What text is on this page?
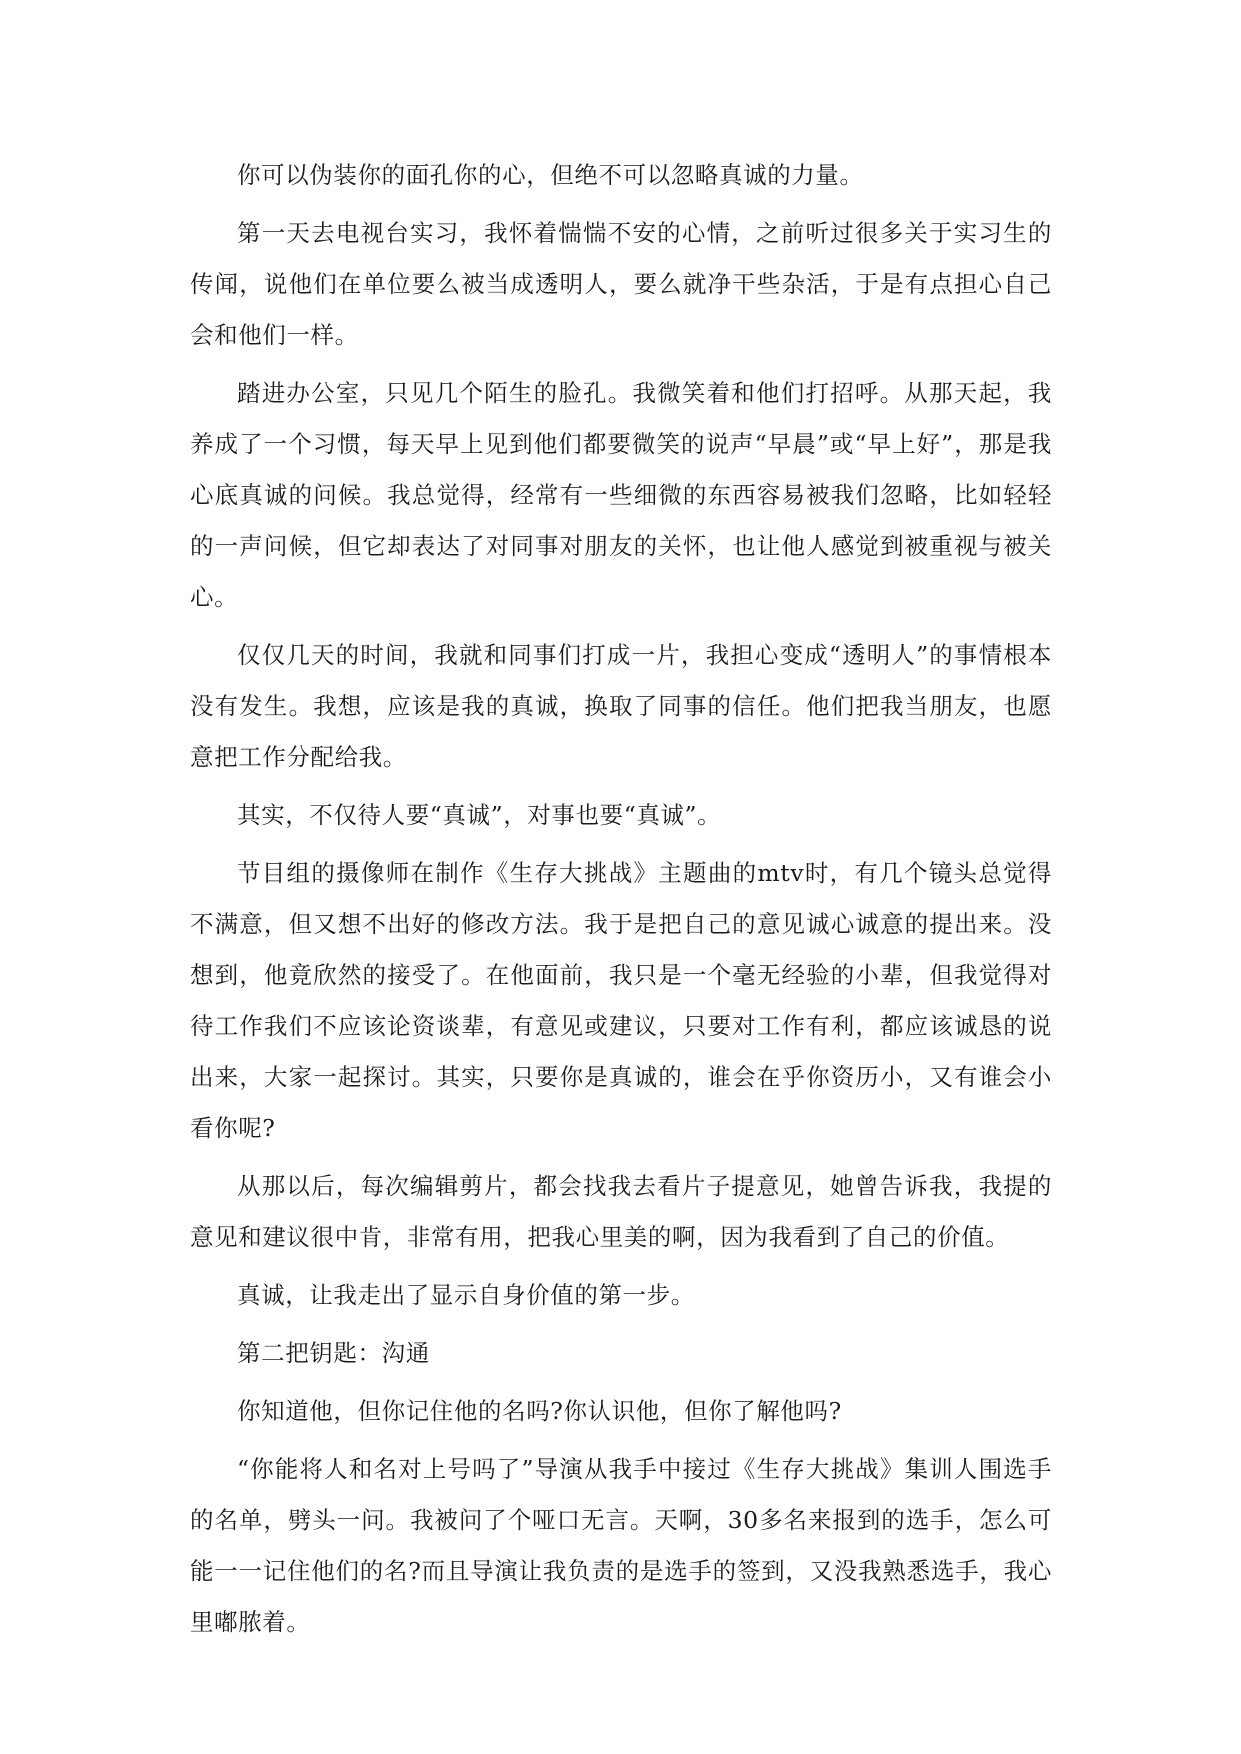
你可以伪装你的面孔你的心，但绝不可以忽略真诚的力量。

第一天去电视台实习，我怀着惴惴不安的心情，之前听过很多关于实习生的传闻，说他们在单位要么被当成透明人，要么就净干些杂活，于是有点担心自己会和他们一样。

踏进办公室，只见几个陌生的脸孔。我微笑着和他们打招呼。从那天起，我养成了一个习惯，每天早上见到他们都要微笑的说声“早晨”或“早上好”，那是我心底真诚的问候。我总觉得，经常有一些细微的东西容易被我们忽略，比如轻轻的一声问候，但它却表达了对同事对朋友的关怀，也让他人感觉到被重视与被关心。

仅仅几天的时间，我就和同事们打成一片，我担心变成“透明人”的事情根本没有发生。我想，应该是我的真诚，换取了同事的信任。他们把我当朋友，也愿意把工作分配给我。

其实，不仅待人要“真诚”，对事也要“真诚”。

节目组的摄像师在制作《生存大挑战》主题曲的mtv时，有几个镜头总觉得不满意，但又想不出好的修改方法。我于是把自己的意见诚心诚意的提出来。没想到，他竟欣然的接受了。在他面前，我只是一个毫无经验的小辈，但我觉得对待工作我们不应该论资谈辈，有意见或建议，只要对工作有利，都应该诚恳的说出来，大家一起探讨。其实，只要你是真诚的，谁会在乎你资历小，又有谁会小看你呢?

从那以后，每次编辑剪片，都会找我去看片子提意见，她曾告诉我，我提的意见和建议很中肯，非常有用，把我心里美的啊，因为我看到了自己的价值。

真诚，让我走出了显示自身价值的第一步。

第二把钥匙：沟通

你知道他，但你记住他的名吗?你认识他，但你了解他吗?

“你能将人和名对上号吗了”导演从我手中接过《生存大挑战》集训人围选手的名单，劈头一问。我被问了个哑口无言。天啊，30多名来报到的选手，怎么可能一一记住他们的名?而且导演让我负责的是选手的签到，又没我熟悉选手，我心里嘟脓着。
